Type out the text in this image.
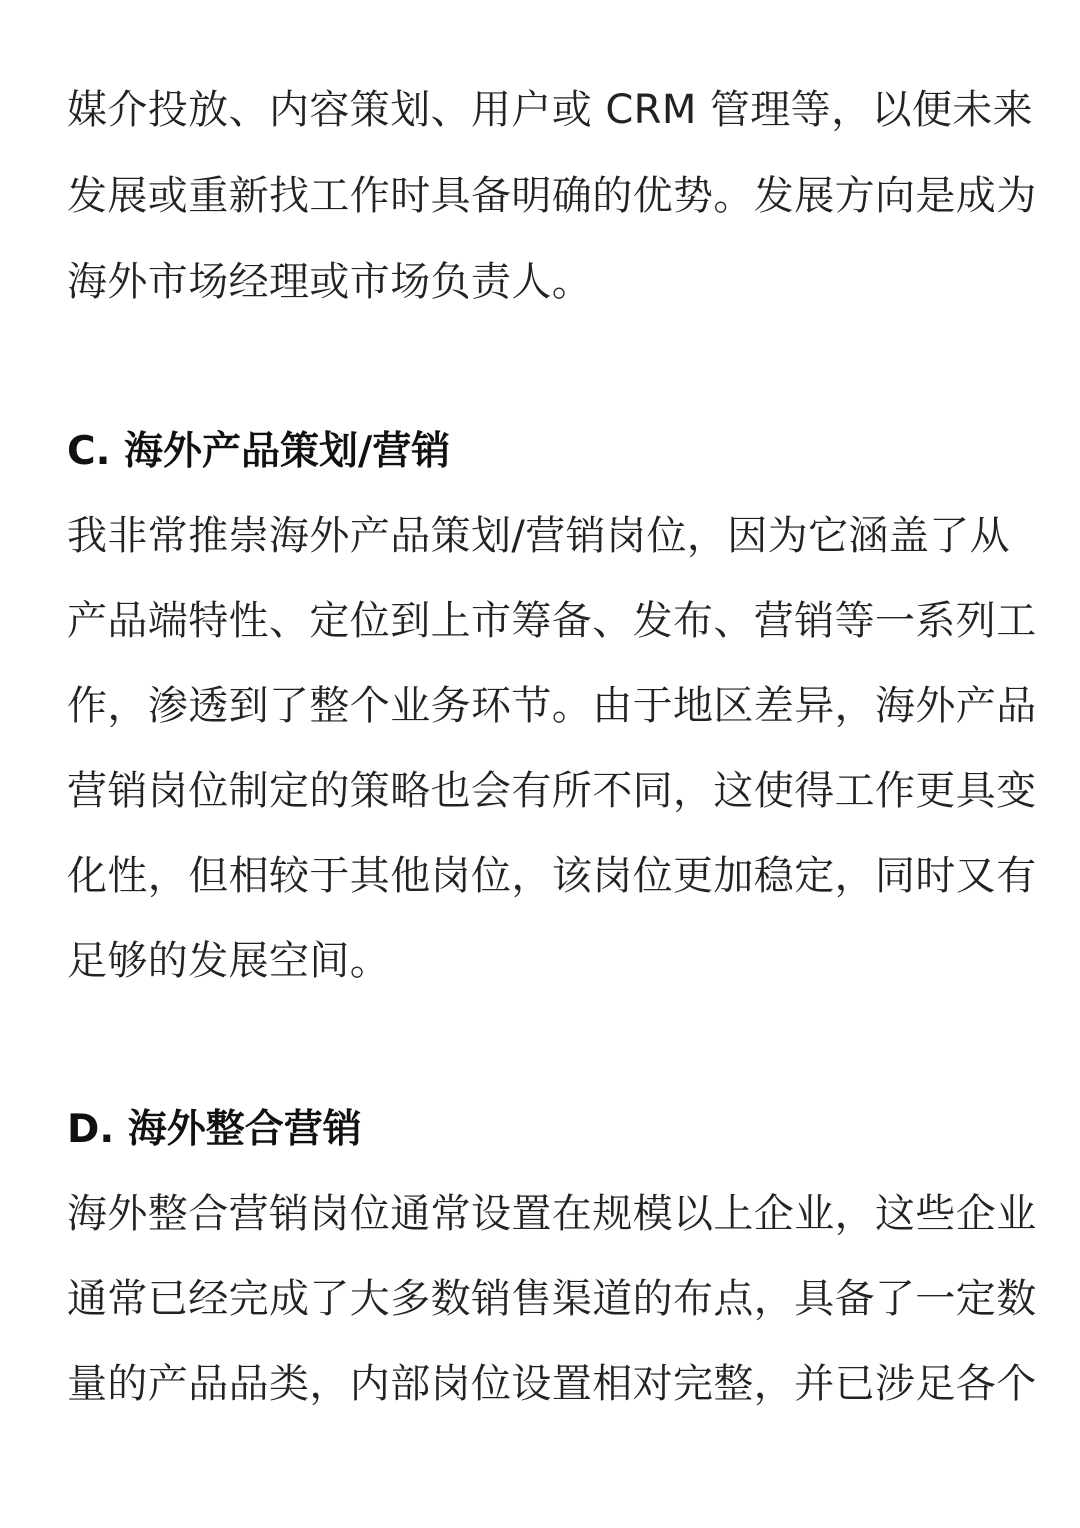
媒介投放、内容策划、用户或 CRM 管理等，以便未来
发展或重新找工作时具备明确的优势。发展方向是成为
海外市场经理或市场负责人。
C. 海外产品策划/营销
我非常推崇海外产品策划/营销岗位，因为它涵盖了从
产品端特性、定位到上市筹备、发布、营销等一系列工
作，渗透到了整个业务环节。由于地区差异，海外产品
营销岗位制定的策略也会有所不同，这使得工作更具变
化性，但相较于其他岗位，该岗位更加稳定，同时又有
足够的发展空间。
D. 海外整合营销
海外整合营销岗位通常设置在规模以上企业，这些企业
通常已经完成了大多数销售渠道的布点，具备了一定数
量的产品品类，内部岗位设置相对完整，并已涉足各个
